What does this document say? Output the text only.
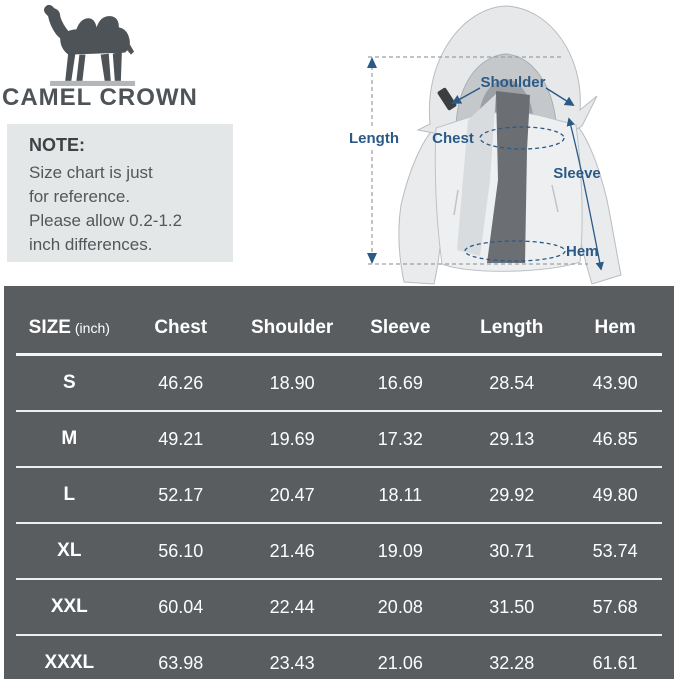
CAMEL CROWN
NOTE:
Size chart is just
for reference.
Please allow 0.2-1.2
inch differences.
Length Chest
Shoulder
Sleeve
Hem
SIZE (inch)	Chest	Shoulder	Sleeve	Length	Hem
S	46.26	18.90	16.69	28.54	43.90
M	49.21	19.69	17.32	29.13	46.85
L	52.17	20.47	18.11	29.92	49.80
XL	56.10	21.46	19.09	30.71	53.74
XXL	60.04	22.44	20.08	31.50	57.68
XXXL	63.98	23.43	21.06	32.28	61.61
